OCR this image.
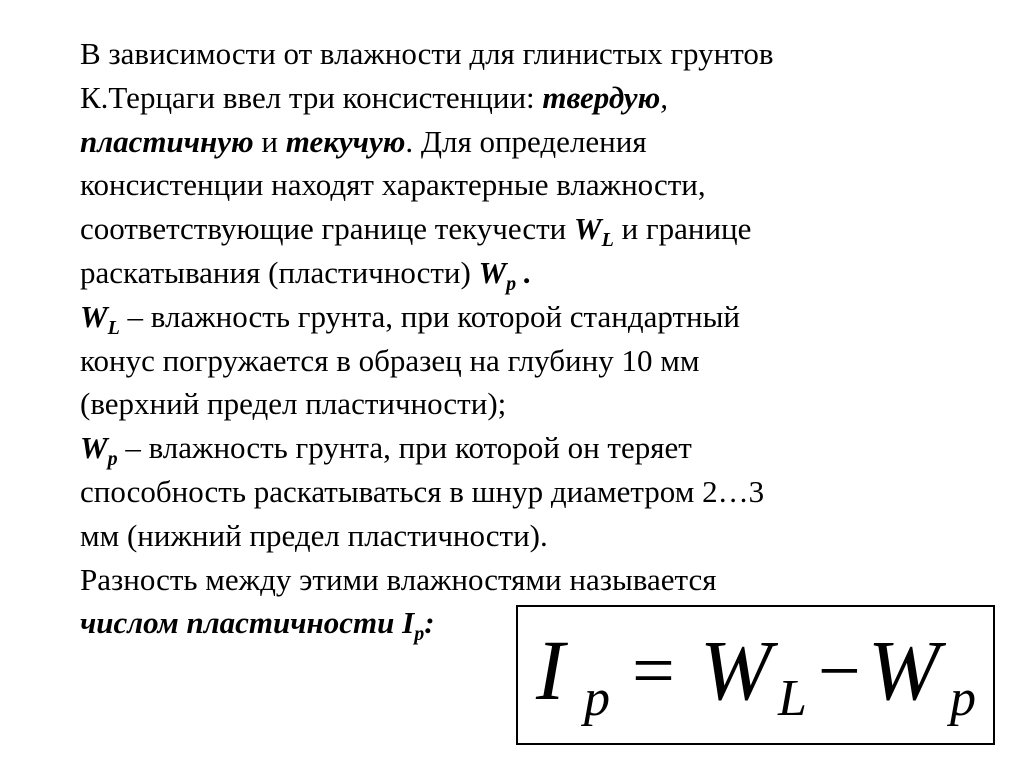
В зависимости от влажности для глинистых грунтов
К.Терцаги ввел три консистенции: твердую,
пластичную и текучую. Для определения
консистенции находят характерные влажности,
соответствующие границе текучести $W_L$ и границе
раскатывания (пластичности) $W_p$ .
$W_L$ – влажность грунта, при которой стандартный
конус погружается в образец на глубину 10 мм
(верхний предел пластичности);
$W_p$ – влажность грунта, при которой он теряет
способность раскатываться в шнур диаметром 2…3
мм (нижний предел пластичности).
Разность между этими влажностями называется
числом пластичности $I_p$:	I p = W L − W p
